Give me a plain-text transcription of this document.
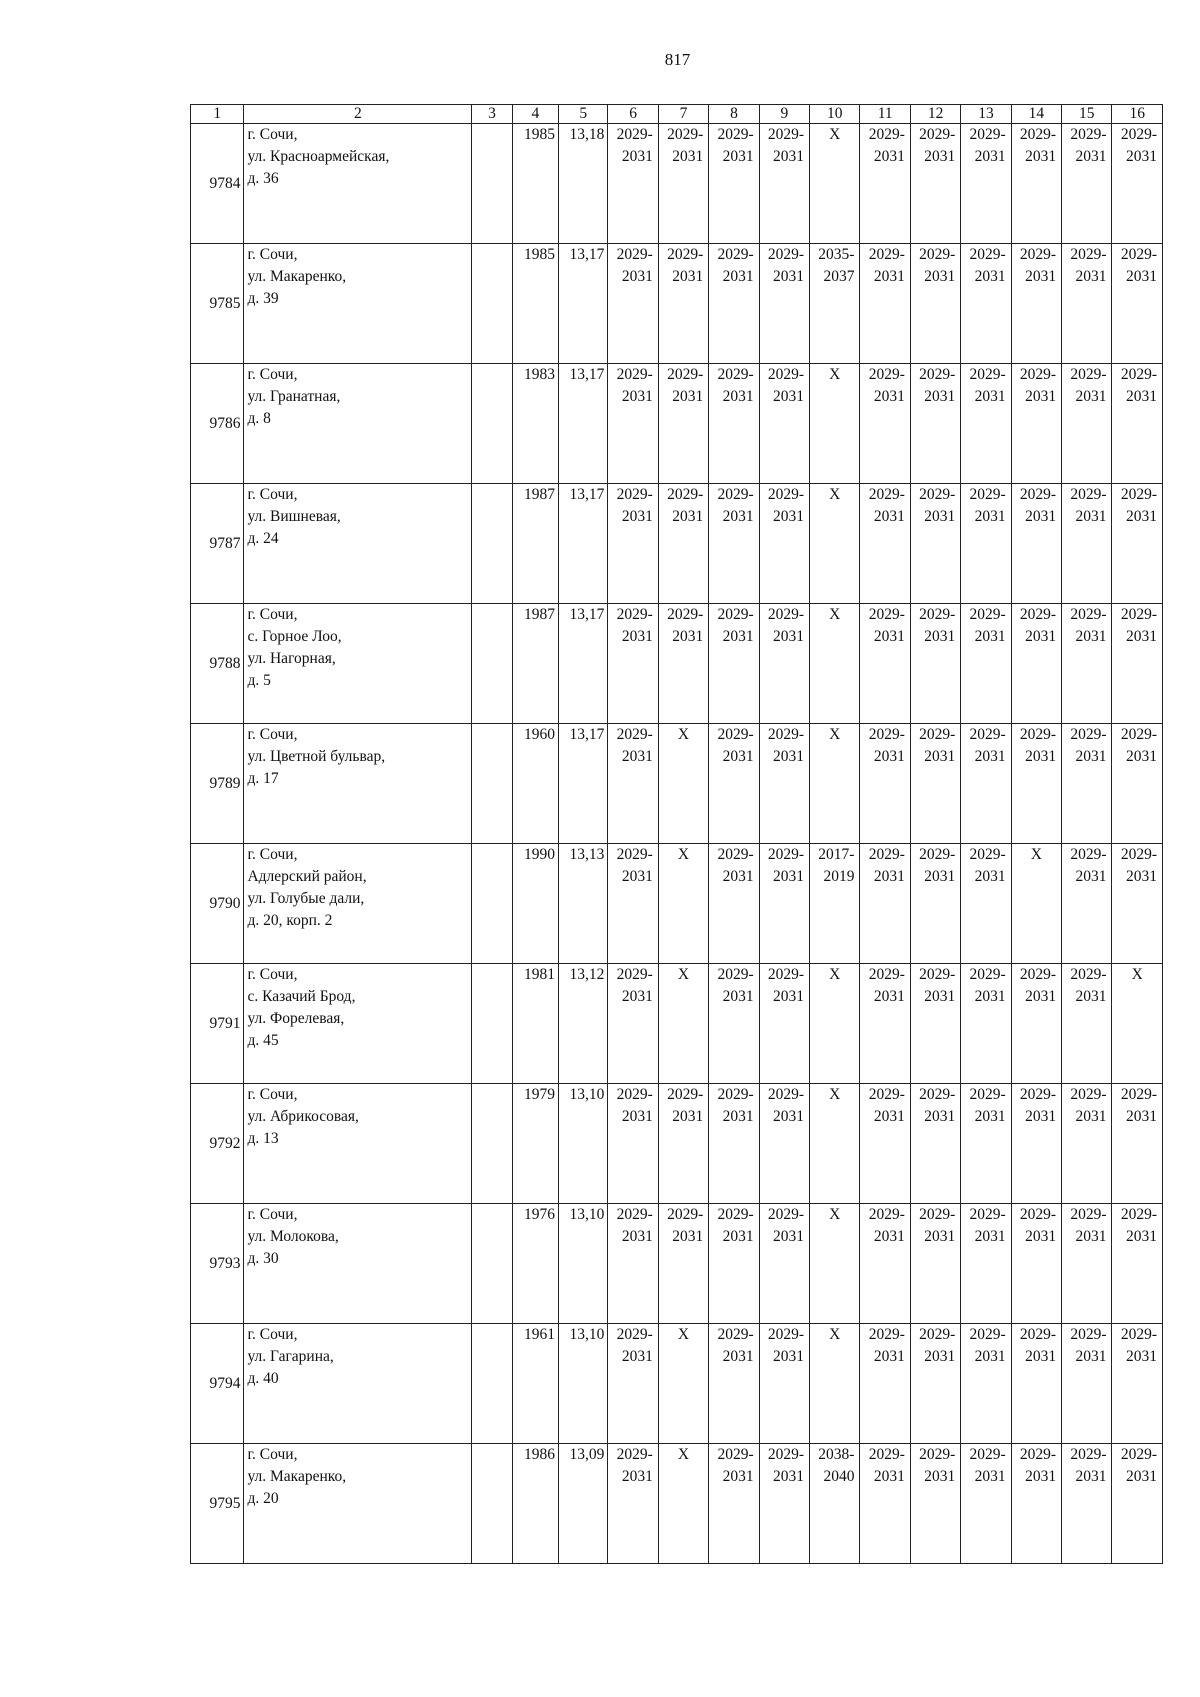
817
1	2	3	4	5	6	7	8	9	10	11	12	13	14	15	16
9784	г. Сочи,
ул. Красноармейская,
д. 36		1985	13,18	2029-
2031	2029-
2031	2029-
2031	2029-
2031	X	2029-
2031	2029-
2031	2029-
2031	2029-
2031	2029-
2031	2029-
2031

9785	г. Сочи,
ул. Макаренко,
д. 39		1985	13,17	2029-
2031	2029-
2031	2029-
2031	2029-
2031	2035-
2037	2029-
2031	2029-
2031	2029-
2031	2029-
2031	2029-
2031	2029-
2031

9786	г. Сочи,
ул. Гранатная,
д. 8		1983	13,17	2029-
2031	2029-
2031	2029-
2031	2029-
2031	X	2029-
2031	2029-
2031	2029-
2031	2029-
2031	2029-
2031	2029-
2031

9787	г. Сочи,
ул. Вишневая,
д. 24		1987	13,17	2029-
2031	2029-
2031	2029-
2031	2029-
2031	X	2029-
2031	2029-
2031	2029-
2031	2029-
2031	2029-
2031	2029-
2031

9788	г. Сочи,
с. Горное Лоо,
ул. Нагорная,
д. 5		1987	13,17	2029-
2031	2029-
2031	2029-
2031	2029-
2031	X	2029-
2031	2029-
2031	2029-
2031	2029-
2031	2029-
2031	2029-
2031

9789	г. Сочи,
ул. Цветной бульвар,
д. 17		1960	13,17	2029-
2031	X	2029-
2031	2029-
2031	X	2029-
2031	2029-
2031	2029-
2031	2029-
2031	2029-
2031	2029-
2031

9790	г. Сочи,
Адлерский район,
ул. Голубые дали,
д. 20, корп. 2		1990	13,13	2029-
2031	X	2029-
2031	2029-
2031	2017-
2019	2029-
2031	2029-
2031	2029-
2031	X	2029-
2031	2029-
2031

9791	г. Сочи,
с. Казачий Брод,
ул. Форелевая,
д. 45		1981	13,12	2029-
2031	X	2029-
2031	2029-
2031	X	2029-
2031	2029-
2031	2029-
2031	2029-
2031	2029-
2031	X
9792	г. Сочи,
ул. Абрикосовая,
д. 13		1979	13,10	2029-
2031	2029-
2031	2029-
2031	2029-
2031	X	2029-
2031	2029-
2031	2029-
2031	2029-
2031	2029-
2031	2029-
2031

9793	г. Сочи,
ул. Молокова,
д. 30		1976	13,10	2029-
2031	2029-
2031	2029-
2031	2029-
2031	X	2029-
2031	2029-
2031	2029-
2031	2029-
2031	2029-
2031	2029-
2031

9794	г. Сочи,
ул. Гагарина,
д. 40		1961	13,10	2029-
2031	X	2029-
2031	2029-
2031	X	2029-
2031	2029-
2031	2029-
2031	2029-
2031	2029-
2031	2029-
2031

9795	г. Сочи,
ул. Макаренко,
д. 20		1986	13,09	2029-
2031	X	2029-
2031	2029-
2031	2038-
2040	2029-
2031	2029-
2031	2029-
2031	2029-
2031	2029-
2031	2029-
2031
